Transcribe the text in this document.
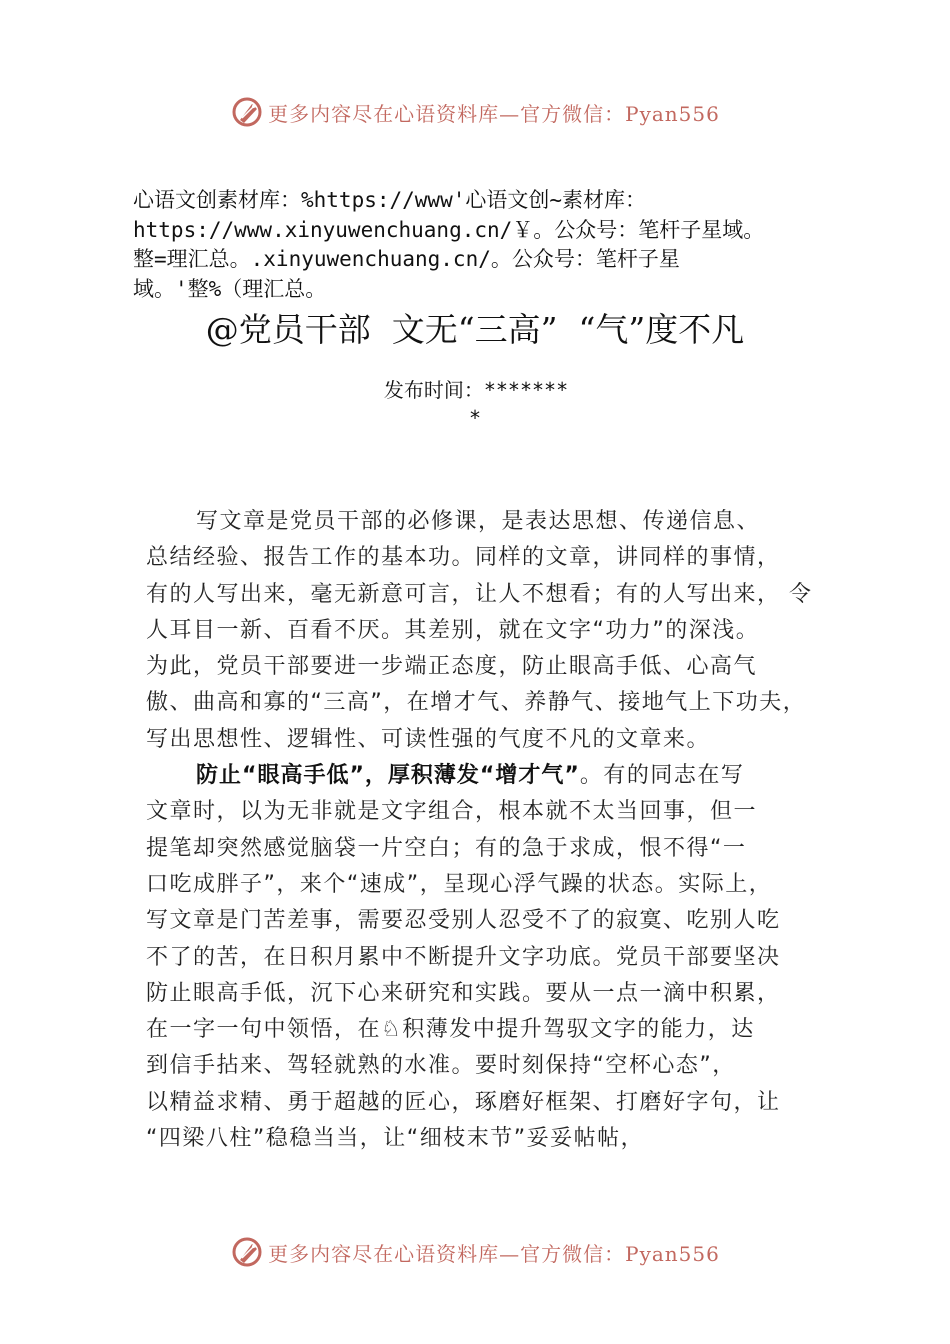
更多内容尽在心语资料库—官方微信：Pyan556
心语文创素材库：%https://www'心语文创~素材库：
https://www.xinyuwenchuang.cn/￥。公众号：笔杆子星域。
整=理汇总。.xinyuwenchuang.cn/。公众号：笔杆子星
域。'整%（理汇总。
@党员干部  文无“三高”  “气”度不凡
发布时间：*******
*
写文章是党员干部的必修课，是表达思想、传递信息、
总结经验、报告工作的基本功。同样的文章，讲同样的事情，
有的人写出来，毫无新意可言，让人不想看；有的人写出来， 令
人耳目一新、百看不厌。其差别，就在文字“功力”的深浅。
为此，党员干部要进一步端正态度，防止眼高手低、心高气
傲、曲高和寡的“三高”，在增才气、养静气、接地气上下功夫，
写出思想性、逻辑性、可读性强的气度不凡的文章来。
防止“眼高手低”，厚积薄发“增才气”。有的同志在写
文章时，以为无非就是文字组合，根本就不太当回事，但一
提笔却突然感觉脑袋一片空白；有的急于求成，恨不得“一
口吃成胖子”，来个“速成”，呈现心浮气躁的状态。实际上，
写文章是门苦差事，需要忍受别人忍受不了的寂寞、吃别人吃
不了的苦，在日积月累中不断提升文字功底。党员干部要坚决
防止眼高手低，沉下心来研究和实践。要从一点一滴中积累，
在一字一句中领悟，在♘积薄发中提升驾驭文字的能力，达
到信手拈来、驾轻就熟的水准。要时刻保持“空杯心态”，
以精益求精、勇于超越的匠心，琢磨好框架、打磨好字句，让
“四梁八柱”稳稳当当，让“细枝末节”妥妥帖帖，
更多内容尽在心语资料库—官方微信：Pyan556
